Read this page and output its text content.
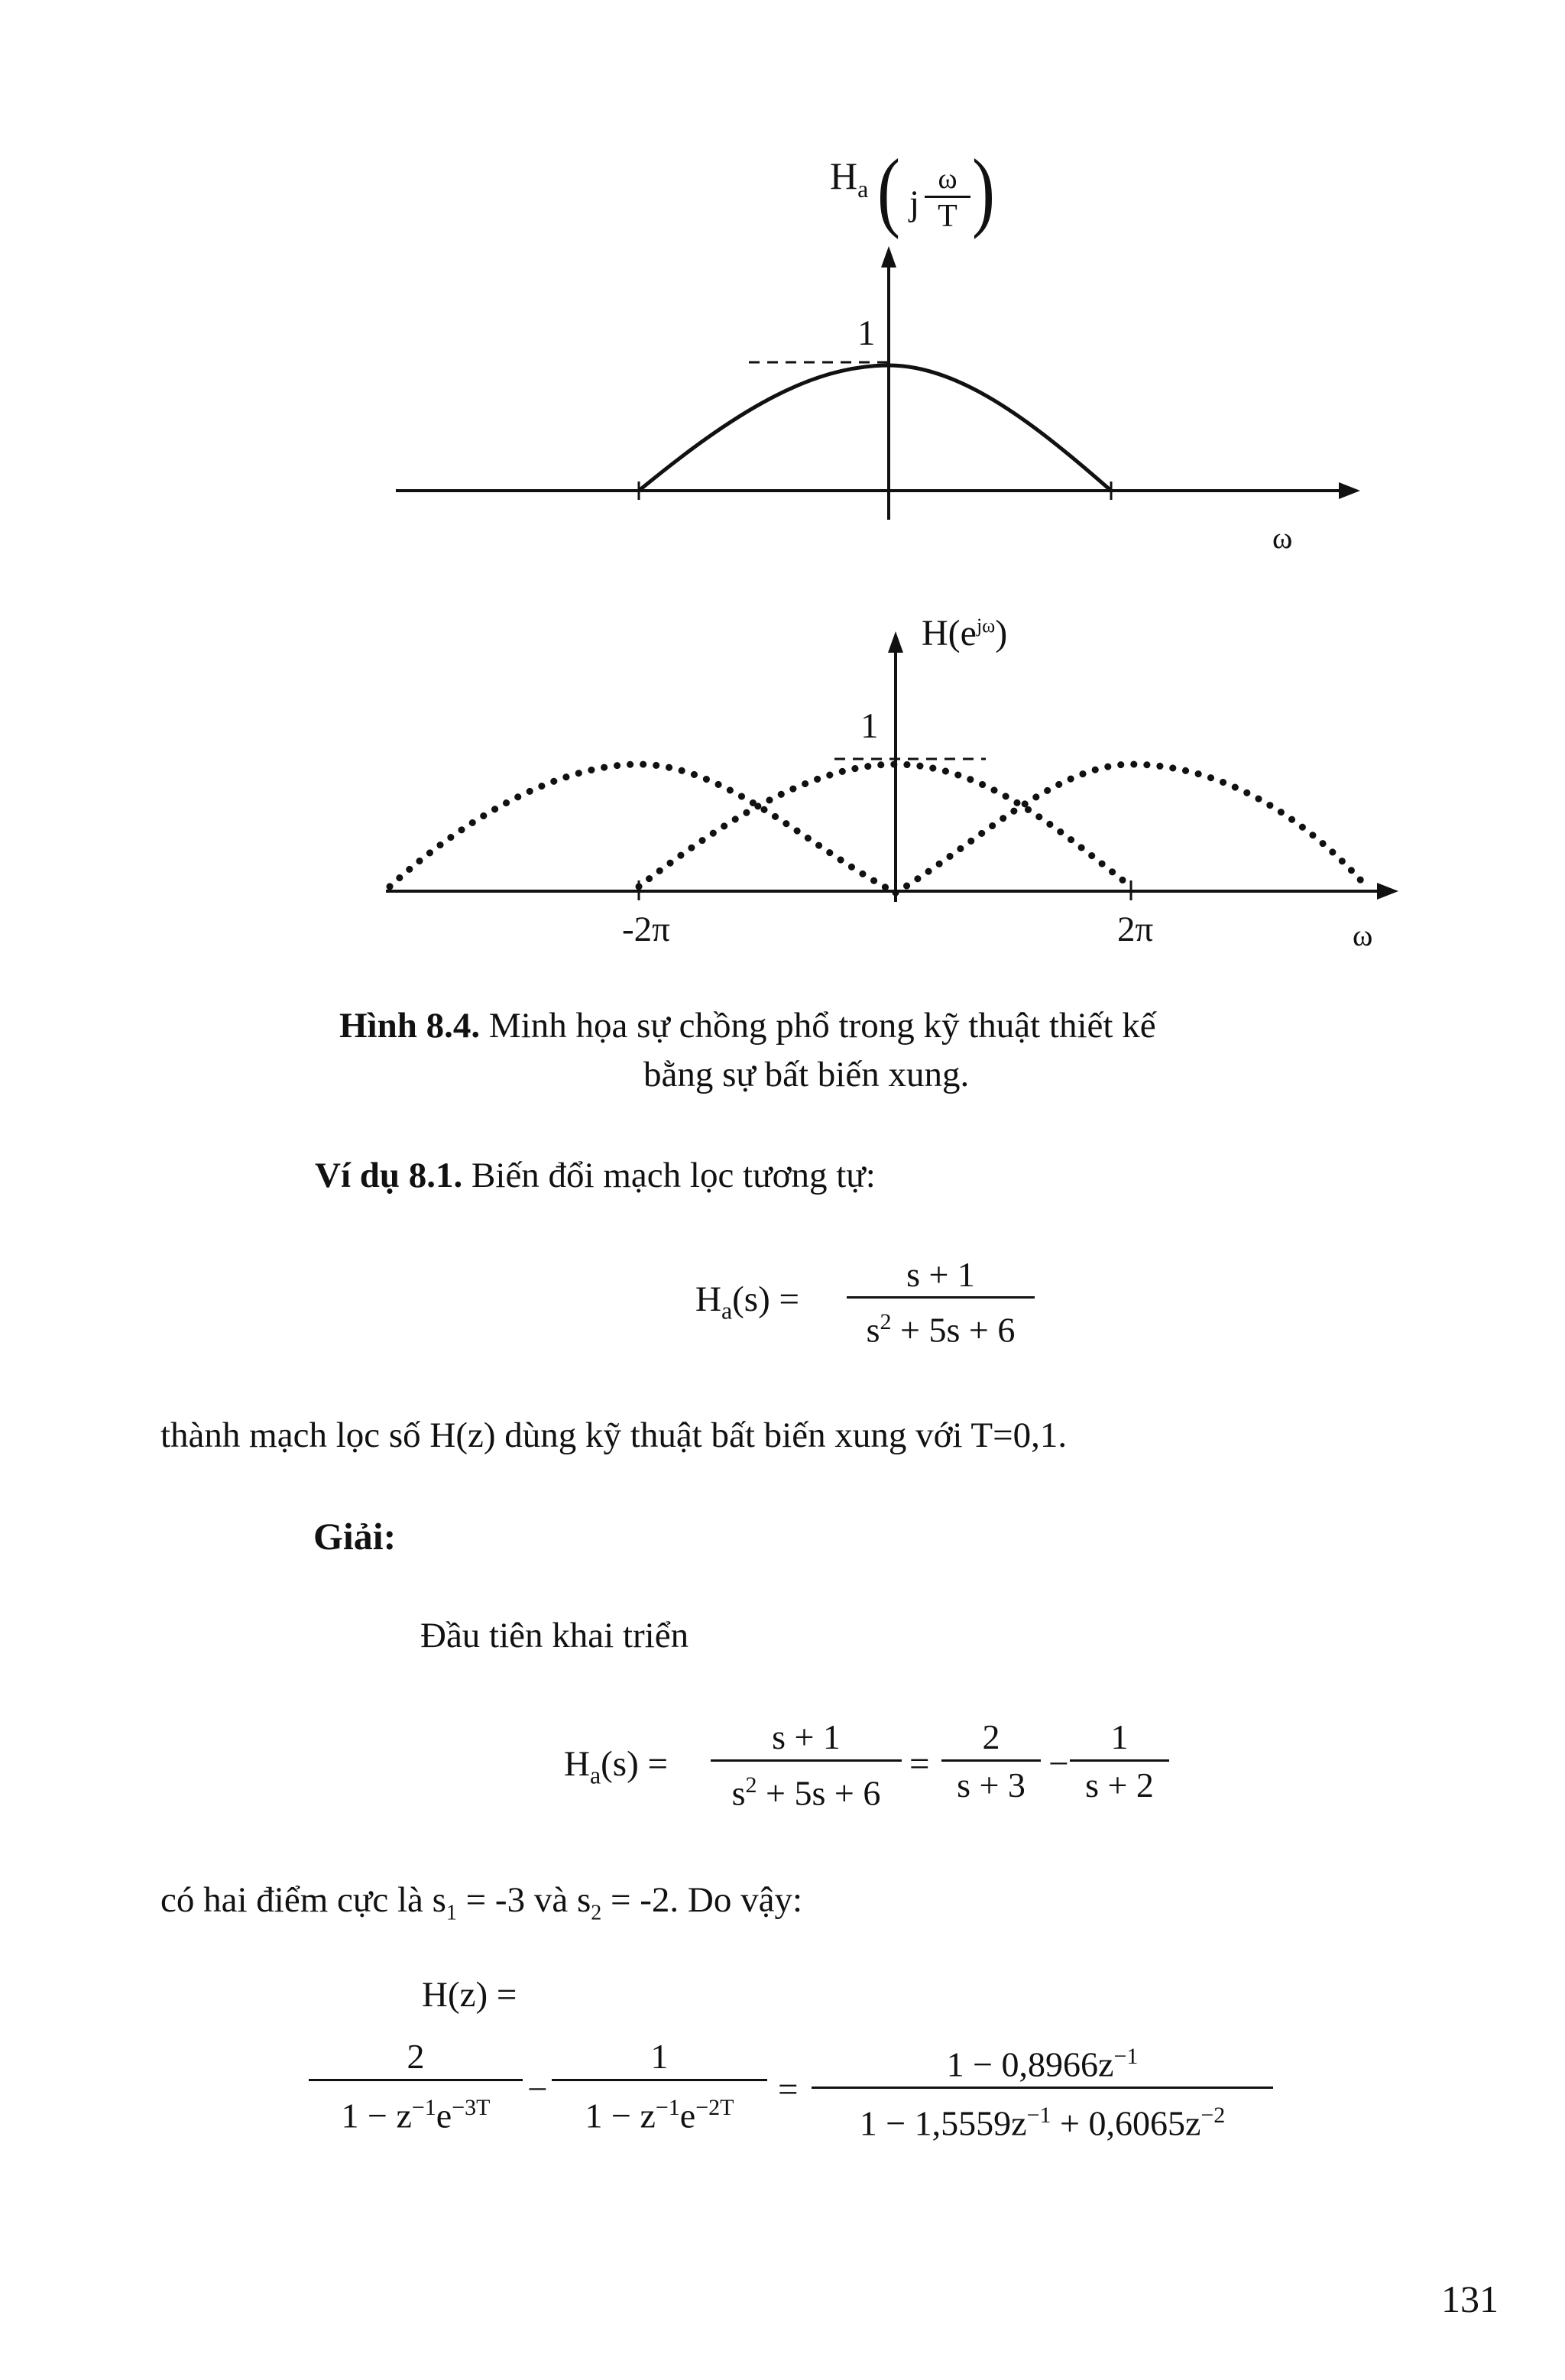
$H_a$ ( j
ω
T )
1
ω
$H(e^{j\omega})$
1
-2π	2π	ω
Hình 8.4. Minh họa sự chồng phổ trong kỹ thuật thiết kế
bằng sự bất biến xung.
Ví dụ 8.1. Biến đổi mạch lọc tương tự:
$H_a(s)$ =
s + 1
$s^2 + 5s + 6$
thành mạch lọc số H(z) dùng kỹ thuật bất biến xung với T=0,1.
Giải:
Đầu tiên khai triển
$H_a(s)$ =
s + 1
$s^2 + 5s + 6$
=
2
s + 3
−
1
s + 2
có hai điểm cực là $s_1 = -3$ và $s_2 = -2$. Do vậy:
H(z) =
2
$1 - z^{-1}e^{-3T}$	−
1
$1 - z^{-1}e^{-2T}$	=
$1 - 0,8966z^{-1}$
$1 - 1,5559z^{-1} + 0,6065z^{-2}$
131
